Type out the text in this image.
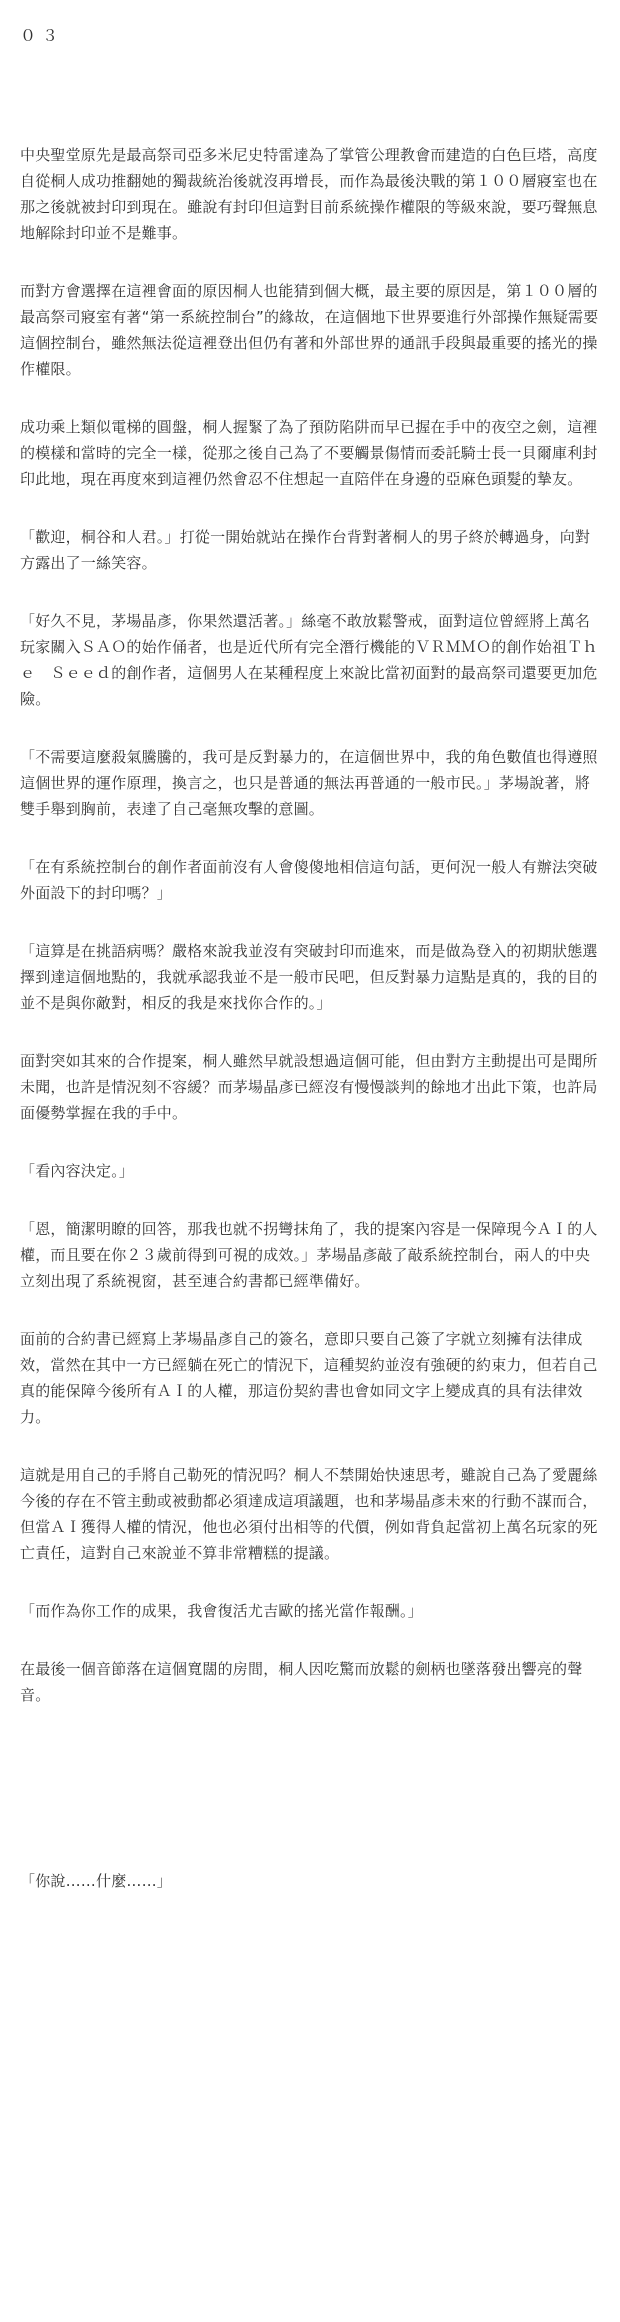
０３

中央聖堂原先是最高祭司亞多米尼史特雷達為了掌管公理教會而建造的白色巨塔，高度自從桐人成功推翻她的獨裁統治後就沒再增長，而作為最後決戰的第１００層寢室也在那之後就被封印到現在。雖說有封印但這對目前系統操作權限的等級來說，要巧聲無息地解除封印並不是難事。

而對方會選擇在這裡會面的原因桐人也能猜到個大概，最主要的原因是，第１００層的最高祭司寢室有著“第一系統控制台”的緣故，在這個地下世界要進行外部操作無疑需要這個控制台，雖然無法從這裡登出但仍有著和外部世界的通訊手段與最重要的搖光的操作權限。

成功乘上類似電梯的圓盤，桐人握緊了為了預防陷阱而早已握在手中的夜空之劍，這裡的模樣和當時的完全一樣，從那之後自己為了不要觸景傷情而委託騎士長一貝爾庫利封印此地，現在再度來到這裡仍然會忍不住想起一直陪伴在身邊的亞麻色頭髮的摯友。

「歡迎，桐谷和人君。」打從一開始就站在操作台背對著桐人的男子終於轉過身，向對方露出了一絲笑容。

「好久不見，茅場晶彥，你果然還活著。」絲毫不敢放鬆警戒，面對這位曾經將上萬名玩家關入ＳＡＯ的始作俑者，也是近代所有完全潛行機能的ＶＲＭＭＯ的創作始祖Ｔｈｅ　Ｓｅｅｄ的創作者，這個男人在某種程度上來說比當初面對的最高祭司還要更加危險。

「不需要這麼殺氣騰騰的，我可是反對暴力的，在這個世界中，我的角色數值也得遵照這個世界的運作原理，換言之，也只是普通的無法再普通的一般市民。」茅場說著，將雙手舉到胸前，表達了自己毫無攻擊的意圖。

「在有系統控制台的創作者面前沒有人會傻傻地相信這句話，更何況一般人有辦法突破外面設下的封印嗎？」

「這算是在挑語病嗎？嚴格來說我並沒有突破封印而進來，而是做為登入的初期狀態選擇到達這個地點的，我就承認我並不是一般市民吧，但反對暴力這點是真的，我的目的並不是與你敵對，相反的我是來找你合作的。」

面對突如其來的合作提案，桐人雖然早就設想過這個可能，但由對方主動提出可是聞所未聞，也許是情況刻不容緩？而茅場晶彥已經沒有慢慢談判的餘地才出此下策，也許局面優勢掌握在我的手中。

「看內容決定。」

「恩，簡潔明瞭的回答，那我也就不拐彎抹角了，我的提案內容是一保障現今ＡＩ的人權，而且要在你２３歲前得到可視的成效。」茅場晶彥敲了敲系統控制台，兩人的中央立刻出現了系統視窗，甚至連合約書都已經準備好。

面前的合約書已經寫上茅場晶彥自己的簽名，意即只要自己簽了字就立刻擁有法律成效，當然在其中一方已經躺在死亡的情況下，這種契約並沒有強硬的約束力，但若自己真的能保障今後所有ＡＩ的人權，那這份契約書也會如同文字上變成真的具有法律效力。

這就是用自己的手將自己勒死的情況吗？桐人不禁開始快速思考，雖說自己為了愛麗絲今後的存在不管主動或被動都必須達成這項議題，也和茅場晶彥未來的行動不謀而合，但當ＡＩ獲得人權的情況，他也必須付出相等的代價，例如背負起當初上萬名玩家的死亡責任，這對自己來說並不算非常糟糕的提議。

「而作為你工作的成果，我會復活尤吉歐的搖光當作報酬。」

在最後一個音節落在這個寬闊的房間，桐人因吃驚而放鬆的劍柄也墜落發出響亮的聲音。

「你說……什麼……」
